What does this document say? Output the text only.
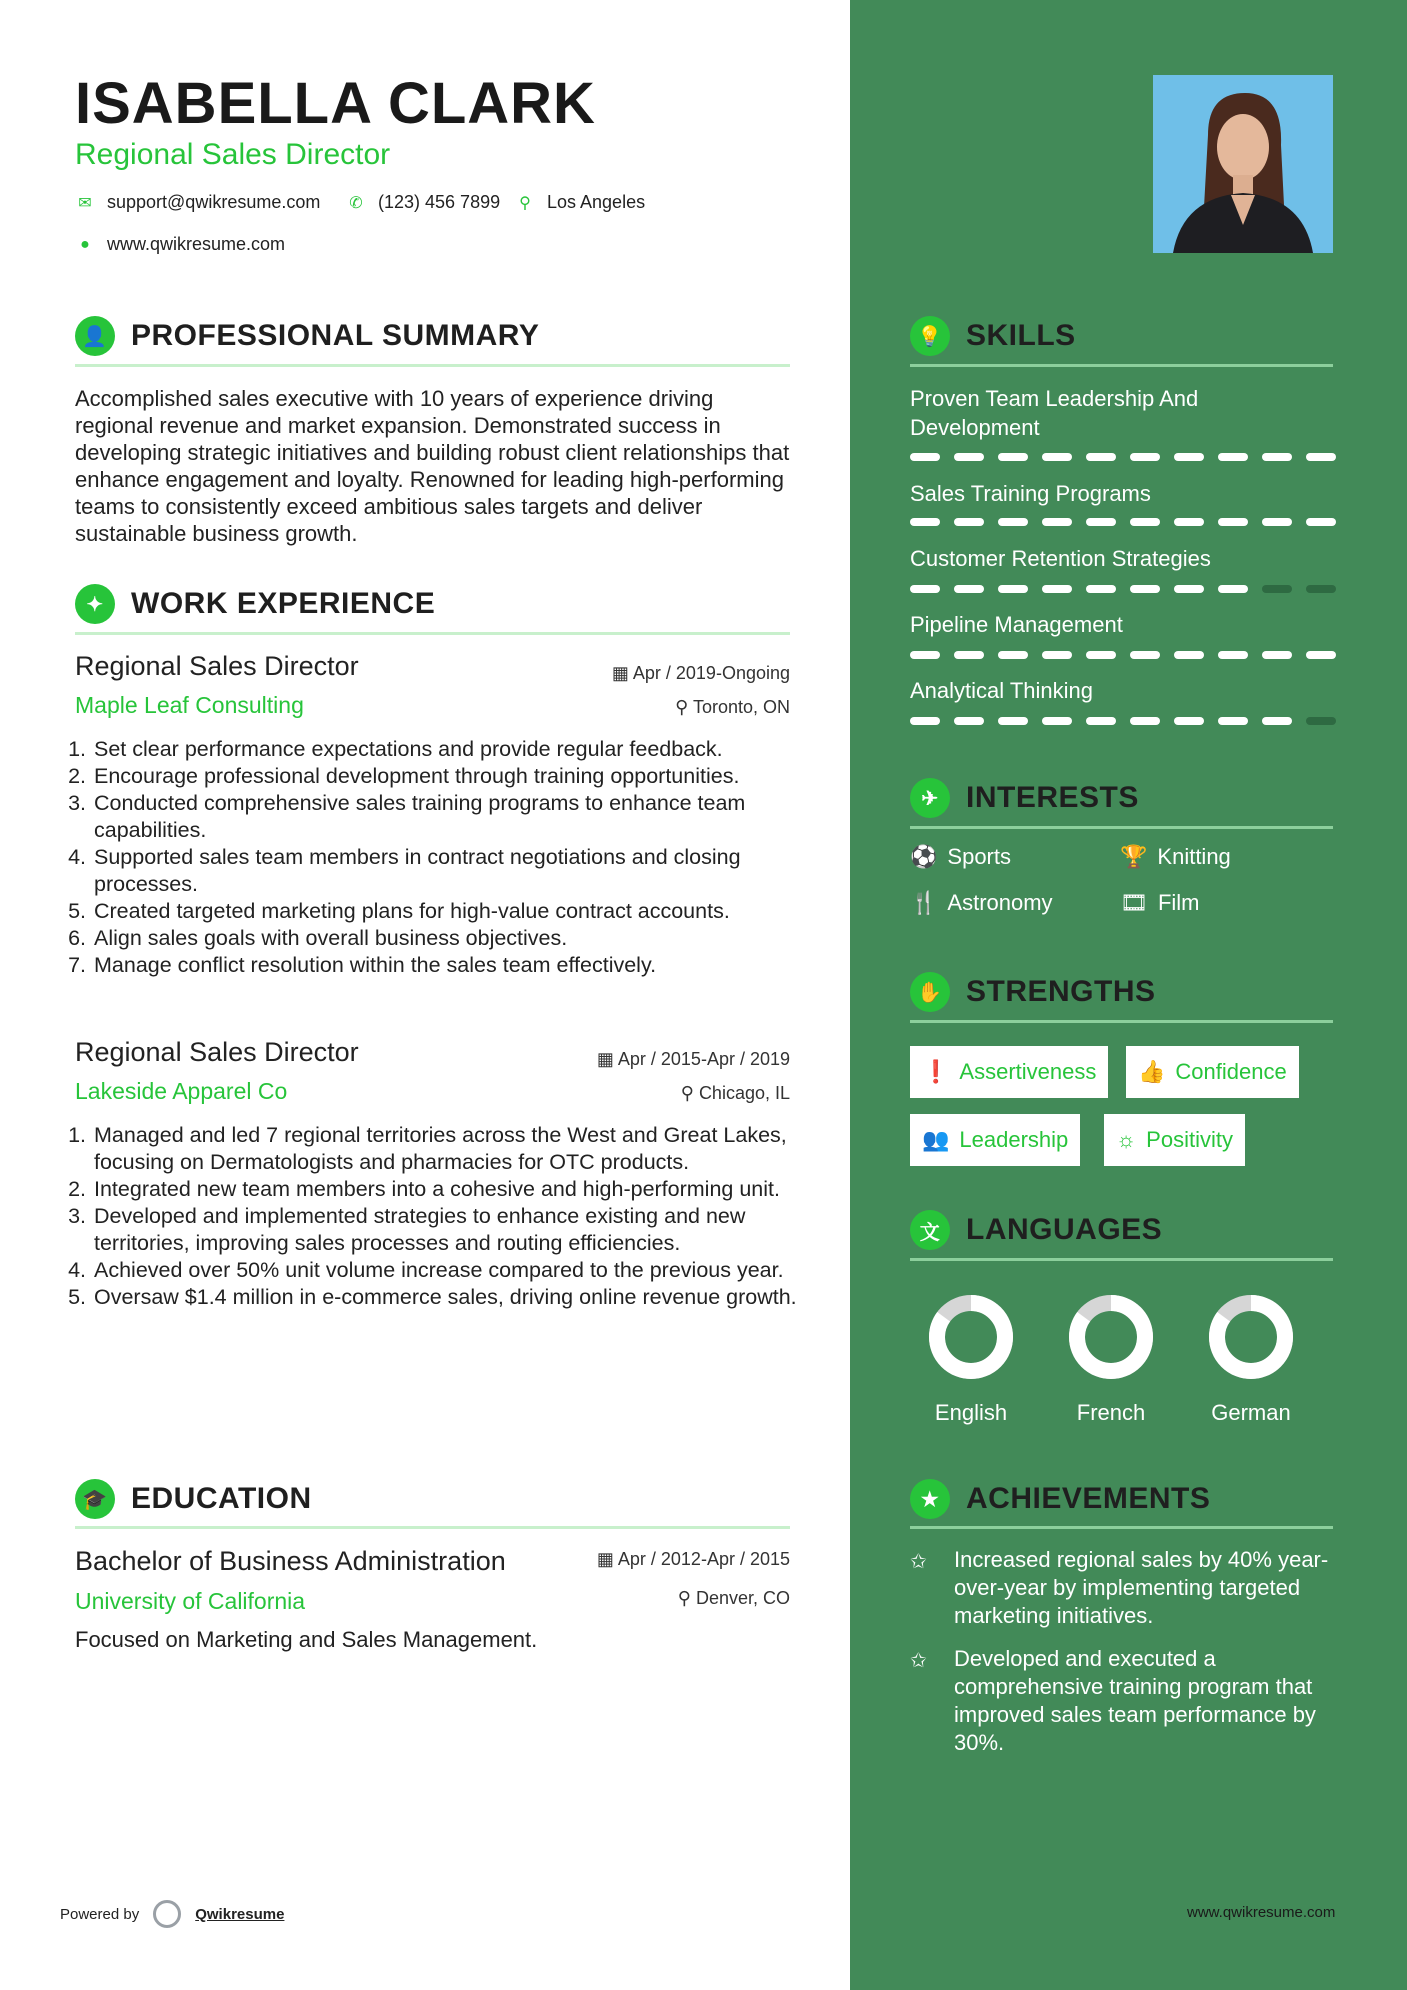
ISABELLA CLARK
Regional Sales Director
✉ support@qwikresume.com ✆ (123) 456 7899 ⚲ Los Angeles
● www.qwikresume.com
👤 PROFESSIONAL SUMMARY
Accomplished sales executive with 10 years of experience driving regional revenue and market expansion. Demonstrated success in developing strategic initiatives and building robust client relationships that enhance engagement and loyalty. Renowned for leading high-performing teams to consistently exceed ambitious sales targets and deliver sustainable business growth.
✦ WORK EXPERIENCE
Regional Sales Director
Maple Leaf Consulting
▦ Apr / 2019-Ongoing
⚲ Toronto, ON
1. Set clear performance expectations and provide regular feedback.
2. Encourage professional development through training opportunities.
3. Conducted comprehensive sales training programs to enhance team capabilities.
4. Supported sales team members in contract negotiations and closing processes.
5. Created targeted marketing plans for high-value contract accounts.
6. Align sales goals with overall business objectives.
7. Manage conflict resolution within the sales team effectively.
Regional Sales Director
Lakeside Apparel Co
▦ Apr / 2015-Apr / 2019
⚲ Chicago, IL
1. Managed and led 7 regional territories across the West and Great Lakes, focusing on Dermatologists and pharmacies for OTC products.
2. Integrated new team members into a cohesive and high-performing unit.
3. Developed and implemented strategies to enhance existing and new territories, improving sales processes and routing efficiencies.
4. Achieved over 50% unit volume increase compared to the previous year.
5. Oversaw $1.4 million in e-commerce sales, driving online revenue growth.
🎓 EDUCATION
Bachelor of Business Administration
University of California
▦ Apr / 2012-Apr / 2015
⚲ Denver, CO
Focused on Marketing and Sales Management.
Powered by	Qwikresume
💡 SKILLS
Proven Team Leadership And Development
Sales Training Programs
Customer Retention Strategies
Pipeline Management
Analytical Thinking
✈ INTERESTS
⚽ Sports	🏆 Knitting
🍴 Astronomy	🎞 Film
✋ STRENGTHS
❗ Assertiveness 👍 Confidence
👥 Leadership ☼ Positivity
文 LANGUAGES
English	French	German
★ ACHIEVEMENTS
✩	Increased regional sales by 40% year-over-year by implementing targeted marketing initiatives.
✩	Developed and executed a comprehensive training program that improved sales team performance by 30%.
www.qwikresume.com
